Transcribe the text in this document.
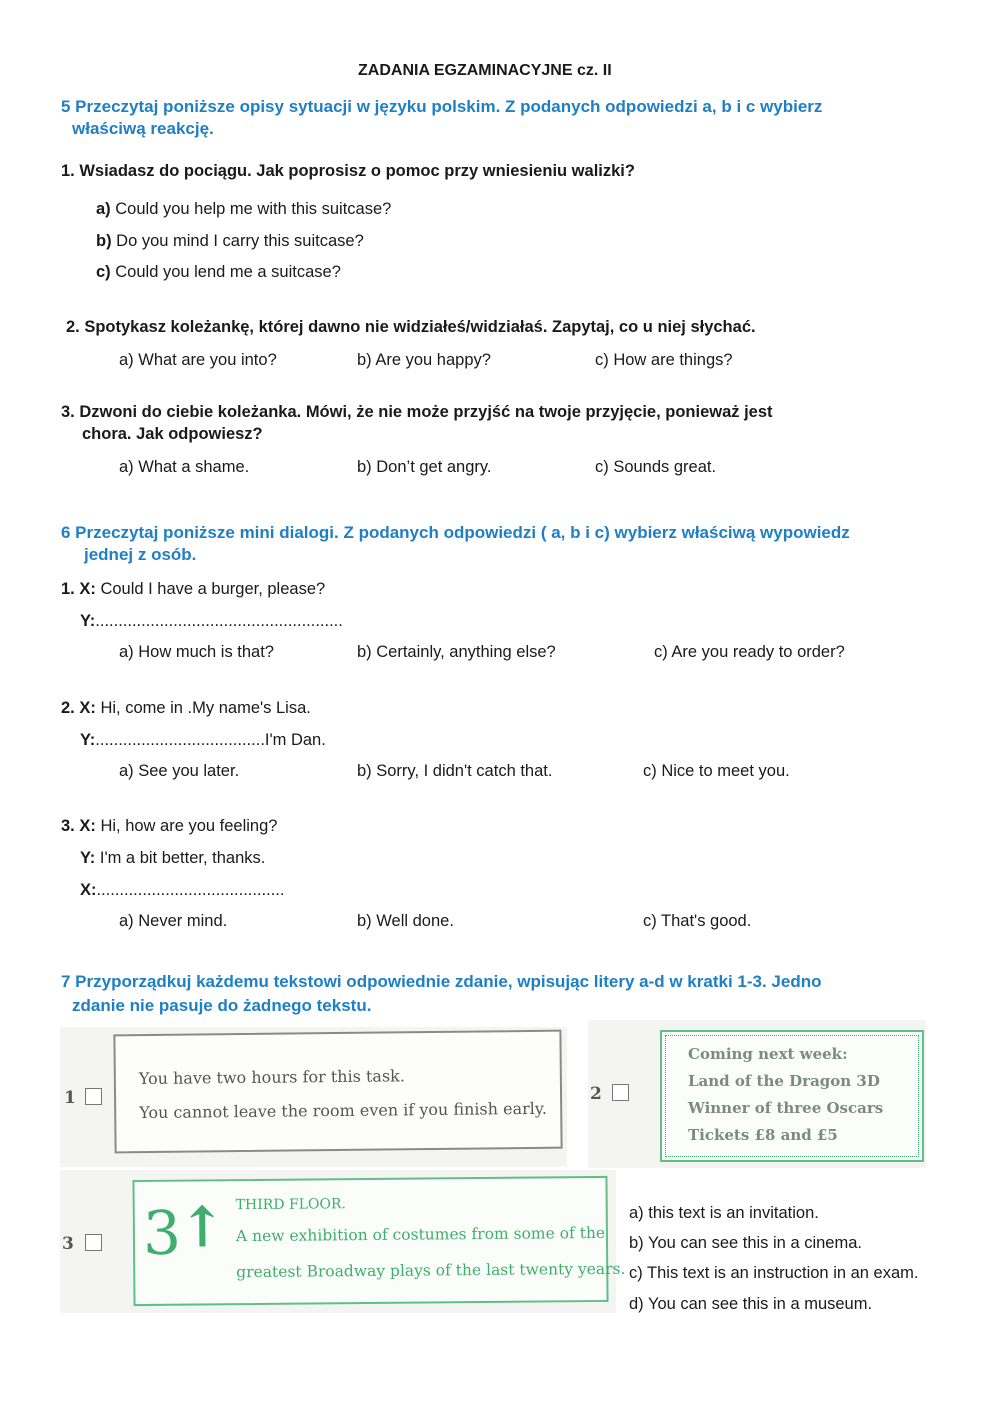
ZADANIA EGZAMINACYJNE cz. II
5 Przeczytaj poniższe opisy sytuacji w języku polskim. Z podanych odpowiedzi a, b i c wybierz
właściwą reakcję.
1. Wsiadasz do pociągu. Jak poprosisz o pomoc przy wniesieniu walizki?
a) Could you help me with this suitcase?
b) Do you mind I carry this suitcase?
c) Could you lend me a suitcase?
2. Spotykasz koleżankę, której dawno nie widziałeś/widziałaś. Zapytaj, co u niej słychać.
a) What are you into?	b) Are you happy?	c) How are things?
3. Dzwoni do ciebie koleżanka. Mówi, że nie może przyjść na twoje przyjęcie, ponieważ jest
chora. Jak odpowiesz?
a) What a shame.	b) Don’t get angry.	c) Sounds great.
6 Przeczytaj poniższe mini dialogi. Z podanych odpowiedzi ( a, b i c) wybierz właściwą wypowiedz
jednej z osób.
1. X: Could I have a burger, please?
Y:......................................................
a) How much is that?	b) Certainly, anything else?	c) Are you ready to order?
2. X: Hi, come in .My name's Lisa.
Y:.....................................I'm Dan.
a) See you later.	b) Sorry, I didn't catch that.	c) Nice to meet you.
3. X: Hi, how are you feeling?
Y: I'm a bit better, thanks.
X:.........................................
a) Never mind.	b) Well done.	c) That's good.
7 Przyporządkuj każdemu tekstowi odpowiednie zdanie, wpisując litery a-d w kratki 1-3. Jedno
zdanie nie pasuje do żadnego tekstu.
1
You have two hours for this task.
You cannot leave the room even if you finish early.
2
Coming next week:
Land of the Dragon 3D
Winner of three Oscars
Tickets £8 and £5
3 3
↑ THIRD FLOOR.
A new exhibition of costumes from some of the
greatest Broadway plays of the last twenty years.
a) this text is an invitation.
b) You can see this in a cinema.
c) This text is an instruction in an exam.
d) You can see this in a museum.
